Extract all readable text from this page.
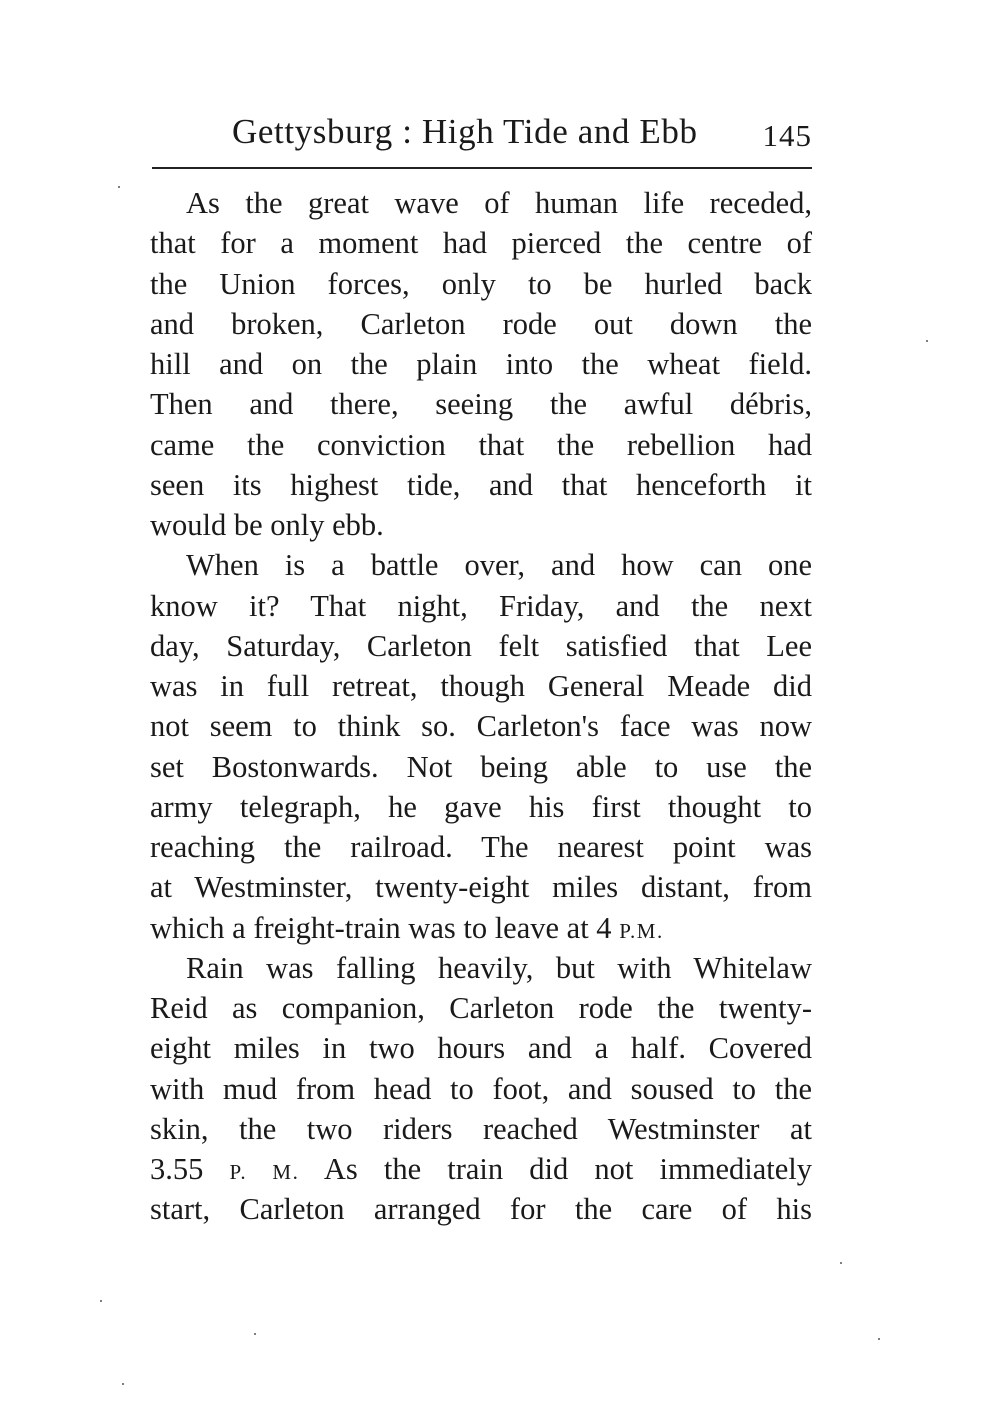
Gettysburg : High Tide and Ebb 145
As the great wave of human life receded,
that for a moment had pierced the centre of
the Union forces, only to be hurled back
and broken, Carleton rode out down the
hill and on the plain into the wheat field.
Then and there, seeing the awful débris,
came the conviction that the rebellion had
seen its highest tide, and that henceforth it
would be only ebb.
When is a battle over, and how can one
know it? That night, Friday, and the next
day, Saturday, Carleton felt satisfied that Lee
was in full retreat, though General Meade did
not seem to think so. Carleton's face was now
set Bostonwards. Not being able to use the
army telegraph, he gave his first thought to
reaching the railroad. The nearest point was
at Westminster, twenty-eight miles distant, from
which a freight-train was to leave at 4 P.M.
Rain was falling heavily, but with Whitelaw
Reid as companion, Carleton rode the twenty-
eight miles in two hours and a half. Covered
with mud from head to foot, and soused to the
skin, the two riders reached Westminster at
3.55 P. M. As the train did not immediately
start, Carleton arranged for the care of his
